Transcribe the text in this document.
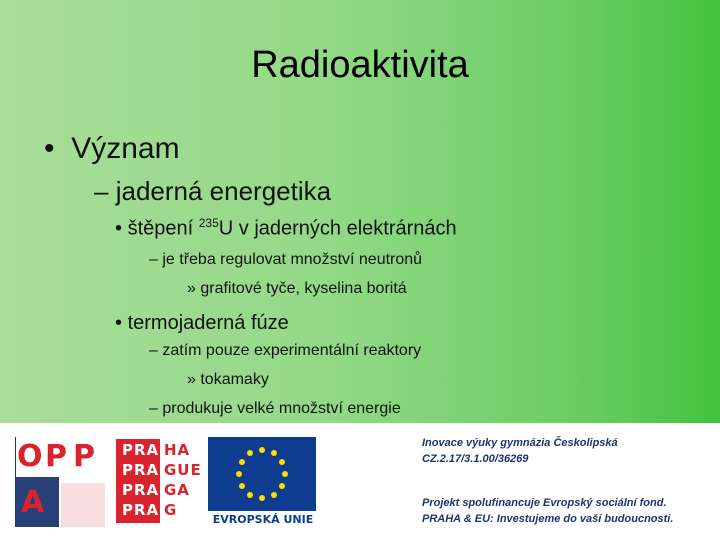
Radioaktivita
• Význam
– jaderná energetika
• štěpení $^{235}$U v jaderných elektrárnách
– je třeba regulovat množství neutronů
» grafitové tyče, kyselina boritá
• termojaderná fúze
– zatím pouze experimentální reaktory
» tokamaky
– produkuje velké množství energie
O P P
A
PRA
PRA
PRA
PRA
HA
GUE
GA
G
EVROPSKÁ UNIE
Inovace výuky gymnázia Českolipská
CZ.2.17/3.1.00/36269
Projekt spolufinancuje Evropský sociální fond.
PRAHA & EU: Investujeme do vaší budoucnosti.
